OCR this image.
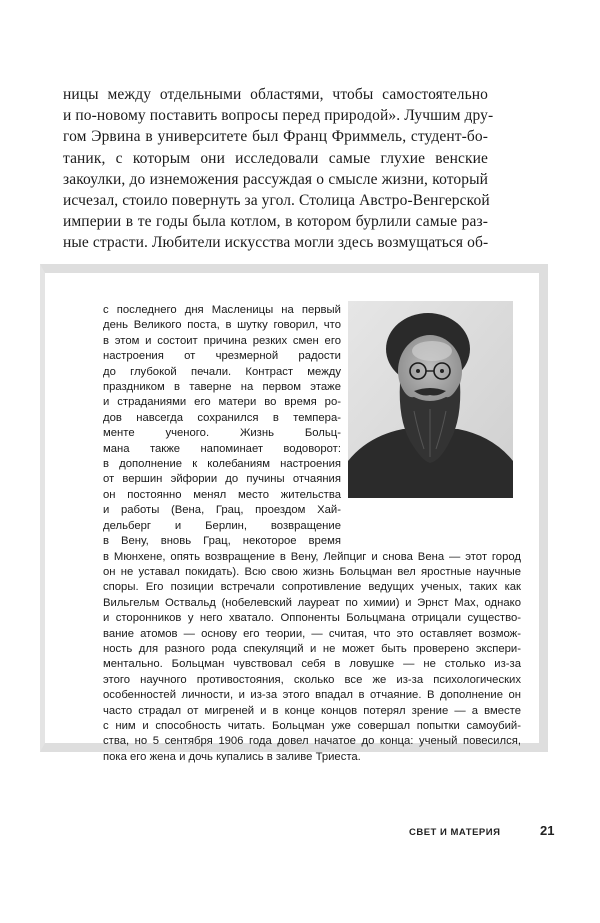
ницы между отдельными областями, чтобы самостоятельно
и по-новому поставить вопросы перед природой». Лучшим дру-
гом Эрвина в университете был Франц Фриммель, студент-бо-
таник, с которым они исследовали самые глухие венские
закоулки, до изнеможения рассуждая о смысле жизни, который
исчезал, стоило повернуть за угол. Столица Австро-Венгерской
империи в те годы была котлом, в котором бурлили самые раз-
ные страсти. Любители искусства могли здесь возмущаться об-
с последнего дня Масленицы на первый
день Великого поста, в шутку говорил, что
в этом и состоит причина резких смен его
настроения от чрезмерной радости
до глубокой печали. Контраст между
праздником в таверне на первом этаже
и страданиями его матери во время ро-
дов навсегда сохранился в темпера-
менте ученого. Жизнь Больц-
мана также напоминает водоворот:
в дополнение к колебаниям настроения
от вершин эйфории до пучины отчаяния
он постоянно менял место жительства
и работы (Вена, Грац, проездом Хай-
дельберг и Берлин, возвращение
в Вену, вновь Грац, некоторое время
в Мюнхене, опять возвращение в Вену, Лейпциг и снова Вена — этот город
он не уставал покидать). Всю свою жизнь Больцман вел яростные научные
споры. Его позиции встречали сопротивление ведущих ученых, таких как
Вильгельм Оствальд (нобелевский лауреат по химии) и Эрнст Мах, однако
и сторонников у него хватало. Оппоненты Больцмана отрицали существо-
вание атомов — основу его теории, — считая, что это оставляет возмож-
ность для разного рода спекуляций и не может быть проверено экспери-
ментально. Больцман чувствовал себя в ловушке — не столько из-за
этого научного противостояния, сколько все же из-за психологических
особенностей личности, и из-за этого впадал в отчаяние. В дополнение он
часто страдал от мигреней и в конце концов потерял зрение — а вместе
с ним и способность читать. Больцман уже совершал попытки самоубий-
ства, но 5 сентября 1906 года довел начатое до конца: ученый повесился,
пока его жена и дочь купались в заливе Триеста.
СВЕТ И МАТЕРИЯ	21
